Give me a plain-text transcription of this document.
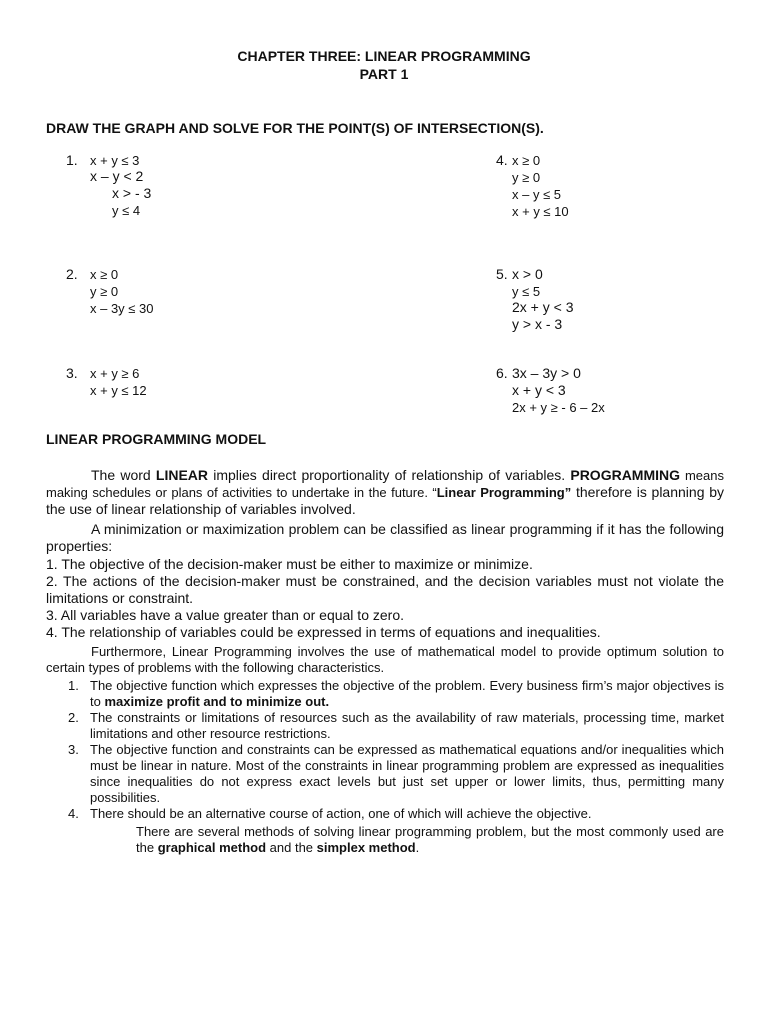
CHAPTER THREE: LINEAR PROGRAMMING
PART 1
DRAW THE GRAPH AND SOLVE FOR THE POINT(S) OF INTERSECTION(S).
1. x + y ≤ 3
x – y < 2
x > - 3
y ≤ 4
4. x ≥ 0
y ≥ 0
x – y ≤ 5
x + y ≤ 10
2. x ≥ 0
y ≥ 0
x – 3y ≤ 30
5. x > 0
y ≤ 5
2x + y < 3
y > x - 3
3. x + y ≥ 6
x + y ≤ 12
6. 3x – 3y > 0
x + y < 3
2x + y ≥ - 6 – 2x
LINEAR PROGRAMMING MODEL
The word LINEAR implies direct proportionality of relationship of variables. PROGRAMMING means making schedules or plans of activities to undertake in the future. “Linear Programming” therefore is planning by the use of linear relationship of variables involved.
A minimization or maximization problem can be classified as linear programming if it has the following properties:
1. The objective of the decision-maker must be either to maximize or minimize.
2. The actions of the decision-maker must be constrained, and the decision variables must not violate the limitations or constraint.
3. All variables have a value greater than or equal to zero.
4. The relationship of variables could be expressed in terms of equations and inequalities.
Furthermore, Linear Programming involves the use of mathematical model to provide optimum solution to certain types of problems with the following characteristics.
1. The objective function which expresses the objective of the problem. Every business firm’s major objectives is to maximize profit and to minimize out.
2. The constraints or limitations of resources such as the availability of raw materials, processing time, market limitations and other resource restrictions.
3. The objective function and constraints can be expressed as mathematical equations and/or inequalities which must be linear in nature. Most of the constraints in linear programming problem are expressed as inequalities since inequalities do not express exact levels but just set upper or lower limits, thus, permitting many possibilities.
4. There should be an alternative course of action, one of which will achieve the objective.
There are several methods of solving linear programming problem, but the most commonly used are the graphical method and the simplex method.
